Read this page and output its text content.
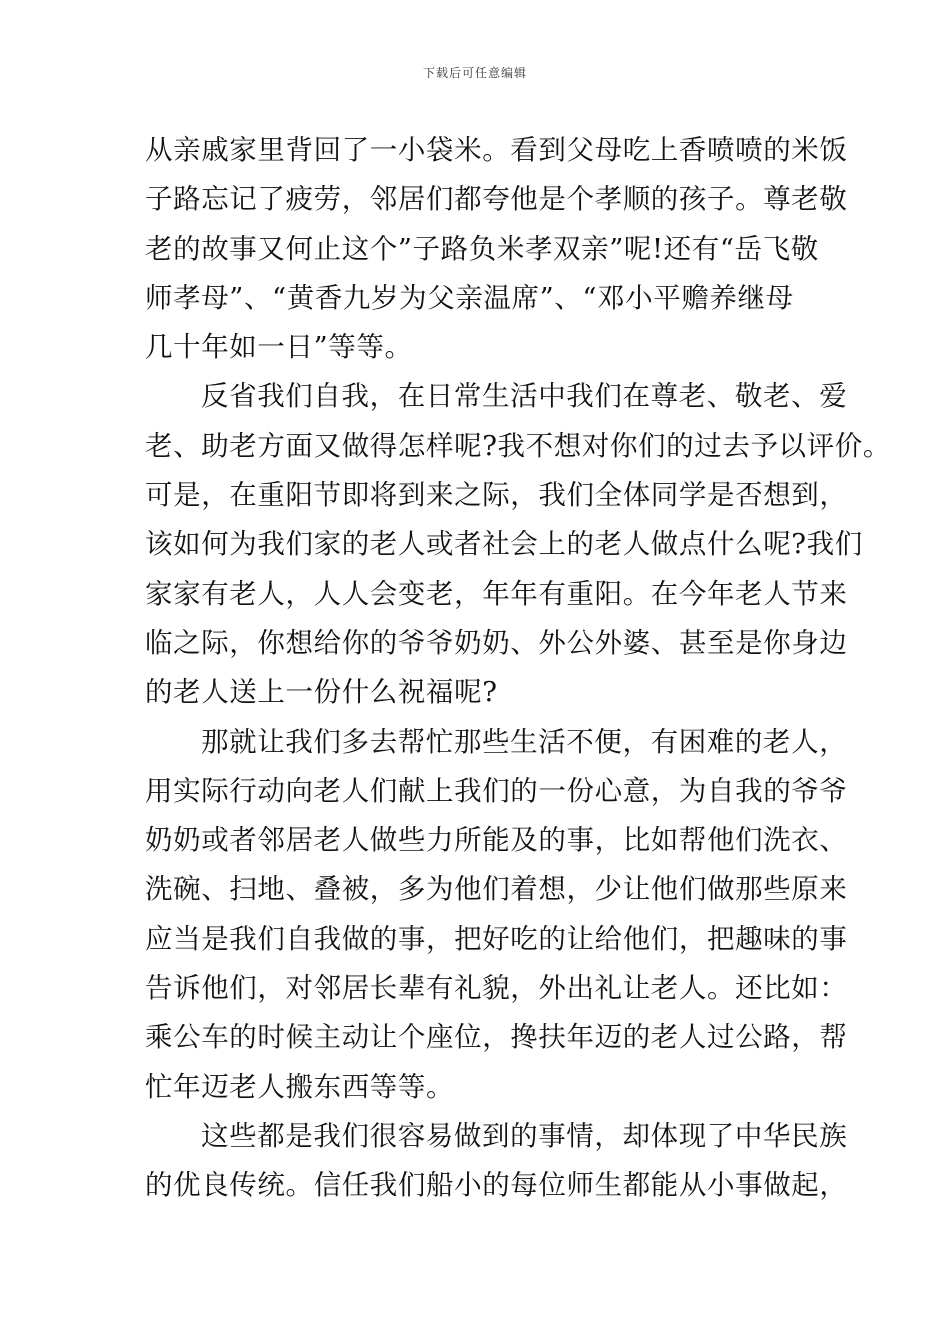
下载后可任意编辑
从亲戚家里背回了一小袋米。看到父母吃上香喷喷的米饭
子路忘记了疲劳，邻居们都夸他是个孝顺的孩子。尊老敬
老的故事又何止这个”子路负米孝双亲”呢!还有“岳飞敬
师孝母”、“黄香九岁为父亲温席”、“邓小平赡养继母
几十年如一日”等等。
反省我们自我，在日常生活中我们在尊老、敬老、爱
老、助老方面又做得怎样呢?我不想对你们的过去予以评价。
可是，在重阳节即将到来之际，我们全体同学是否想到，
该如何为我们家的老人或者社会上的老人做点什么呢?我们
家家有老人，人人会变老，年年有重阳。在今年老人节来
临之际，你想给你的爷爷奶奶、外公外婆、甚至是你身边
的老人送上一份什么祝福呢?
那就让我们多去帮忙那些生活不便，有困难的老人，
用实际行动向老人们献上我们的一份心意，为自我的爷爷
奶奶或者邻居老人做些力所能及的事，比如帮他们洗衣、
洗碗、扫地、叠被，多为他们着想，少让他们做那些原来
应当是我们自我做的事，把好吃的让给他们，把趣味的事
告诉他们，对邻居长辈有礼貌，外出礼让老人。还比如：
乘公车的时候主动让个座位，搀扶年迈的老人过公路，帮
忙年迈老人搬东西等等。
这些都是我们很容易做到的事情，却体现了中华民族
的优良传统。信任我们船小的每位师生都能从小事做起，
